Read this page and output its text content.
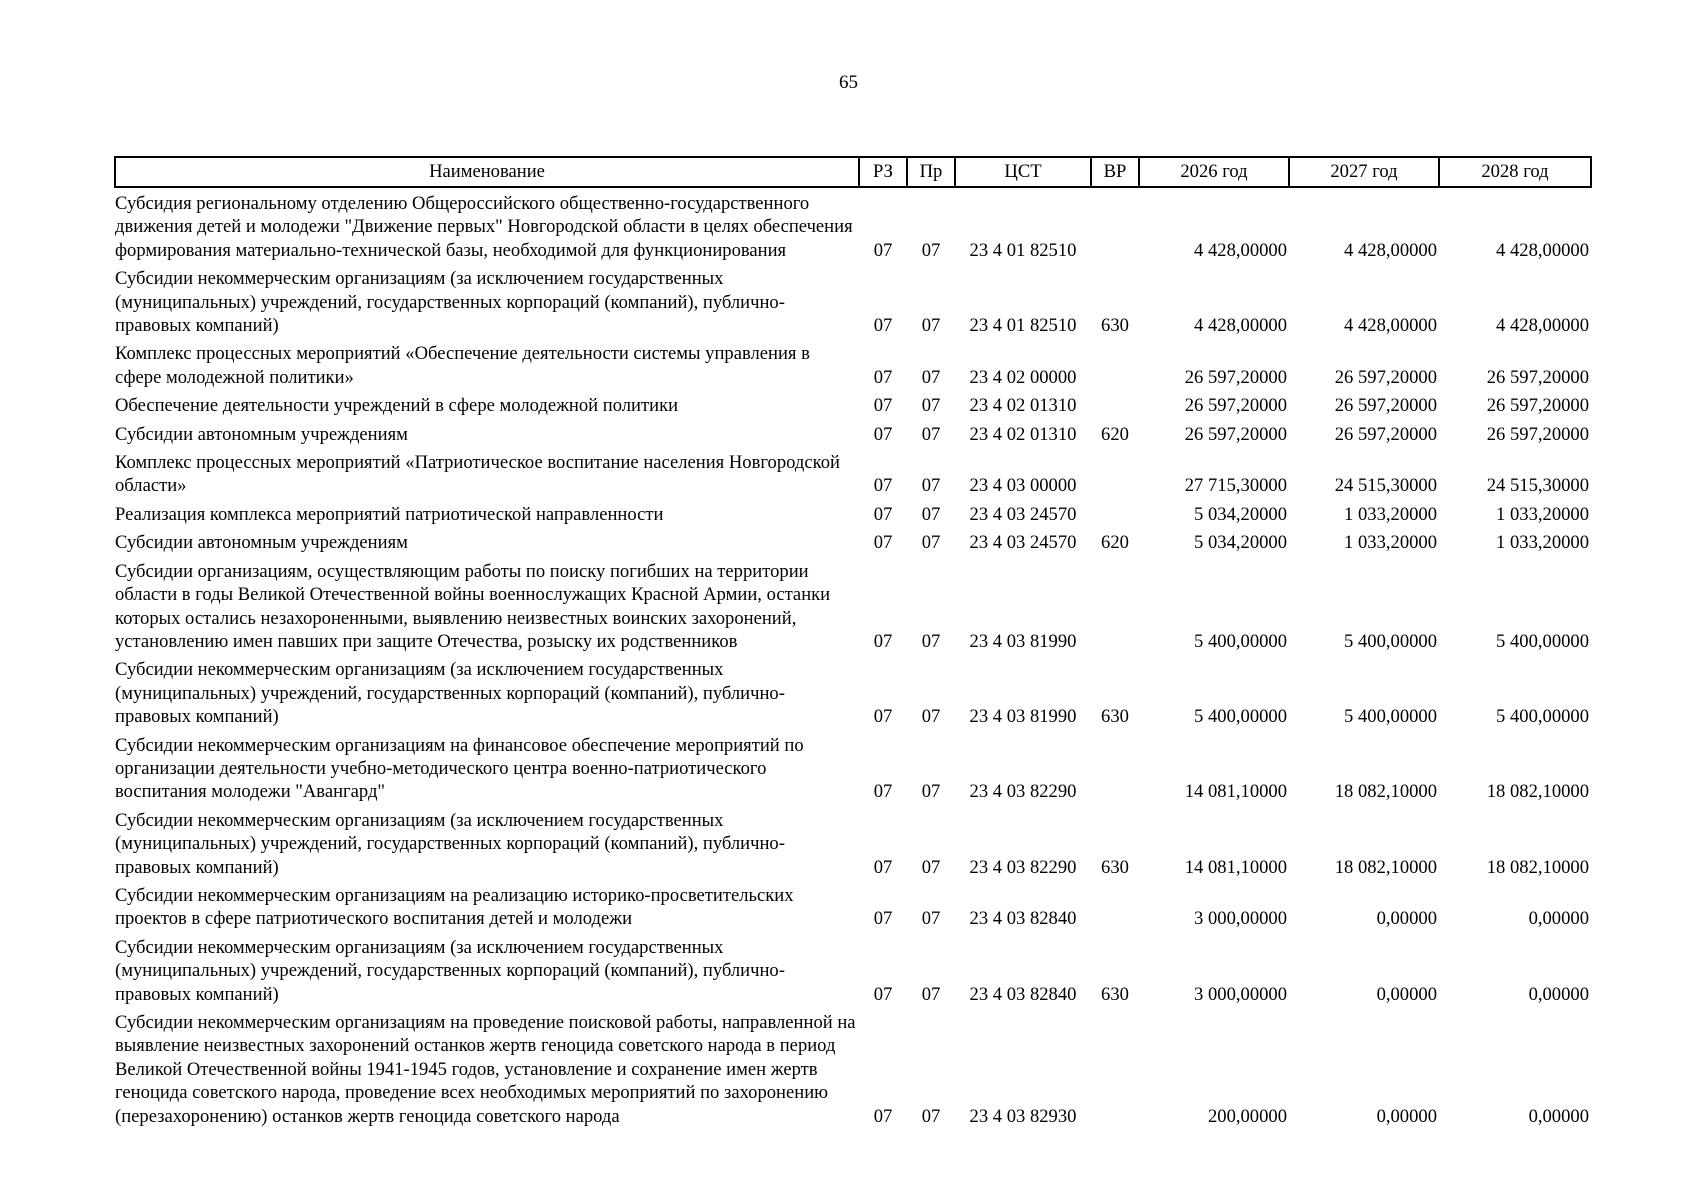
65
Наименование	РЗ	Пр	ЦСТ	ВР	2026 год	2027 год	2028 год
Субсидия региональному отделению Общероссийского общественно-государственного движения детей и молодежи "Движение первых" Новгородской области в целях обеспечения формирования материально-технической базы, необходимой для функционирования	07	07	23 4 01 82510		4 428,00000	4 428,00000	4 428,00000
Субсидии некоммерческим организациям (за исключением государственных (муниципальных) учреждений, государственных корпораций (компаний), публично-правовых компаний)	07	07	23 4 01 82510	630	4 428,00000	4 428,00000	4 428,00000
Комплекс процессных мероприятий «Обеспечение деятельности системы управления в сфере молодежной политики»	07	07	23 4 02 00000		26 597,20000	26 597,20000	26 597,20000
Обеспечение деятельности учреждений в сфере молодежной политики	07	07	23 4 02 01310		26 597,20000	26 597,20000	26 597,20000
Субсидии автономным учреждениям	07	07	23 4 02 01310	620	26 597,20000	26 597,20000	26 597,20000
Комплекс процессных мероприятий «Патриотическое воспитание населения Новгородской области»	07	07	23 4 03 00000		27 715,30000	24 515,30000	24 515,30000
Реализация комплекса мероприятий патриотической направленности	07	07	23 4 03 24570		5 034,20000	1 033,20000	1 033,20000
Субсидии автономным учреждениям	07	07	23 4 03 24570	620	5 034,20000	1 033,20000	1 033,20000
Субсидии организациям, осуществляющим работы по поиску погибших на территории области в годы Великой Отечественной войны военнослужащих Красной Армии, останки которых остались незахороненными, выявлению неизвестных воинских захоронений, установлению имен павших при защите Отечества, розыску их родственников	07	07	23 4 03 81990		5 400,00000	5 400,00000	5 400,00000
Субсидии некоммерческим организациям (за исключением государственных (муниципальных) учреждений, государственных корпораций (компаний), публично-правовых компаний)	07	07	23 4 03 81990	630	5 400,00000	5 400,00000	5 400,00000
Субсидии некоммерческим организациям на финансовое обеспечение мероприятий по организации деятельности учебно-методического центра военно-патриотического воспитания молодежи "Авангард"	07	07	23 4 03 82290		14 081,10000	18 082,10000	18 082,10000
Субсидии некоммерческим организациям (за исключением государственных (муниципальных) учреждений, государственных корпораций (компаний), публично-правовых компаний)	07	07	23 4 03 82290	630	14 081,10000	18 082,10000	18 082,10000
Субсидии некоммерческим организациям на реализацию историко-просветительских проектов в сфере патриотического воспитания детей и молодежи	07	07	23 4 03 82840		3 000,00000	0,00000	0,00000
Субсидии некоммерческим организациям (за исключением государственных (муниципальных) учреждений, государственных корпораций (компаний), публично-правовых компаний)	07	07	23 4 03 82840	630	3 000,00000	0,00000	0,00000
Субсидии некоммерческим организациям на проведение поисковой работы, направленной на выявление неизвестных захоронений останков жертв геноцида советского народа в период Великой Отечественной войны 1941-1945 годов, установление и сохранение имен жертв геноцида советского народа, проведение всех необходимых мероприятий по захоронению (перезахоронению) останков жертв геноцида советского народа	07	07	23 4 03 82930		200,00000	0,00000	0,00000
